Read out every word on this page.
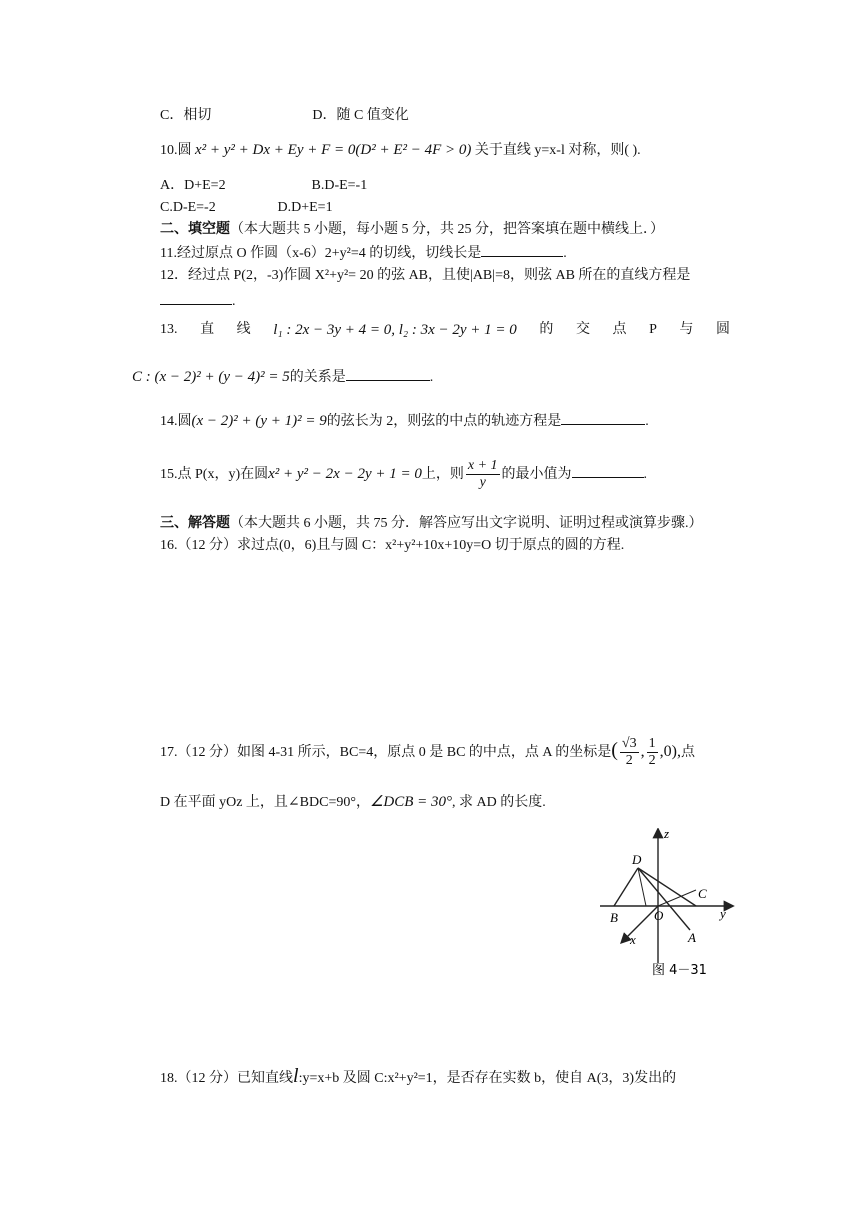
C．相切	D．随 C 值变化
10.圆 x² + y² + Dx + Ey + F = 0(D² + E² − 4F > 0) 关于直线 y=x-l 对称，则( ).
A．D+E=2	B.D-E=-1
C.D-E=-2	D.D+E=1
二、填空题（本大题共 5 小题，每小题 5 分，共 25 分，把答案填在题中横线上．）
11.经过原点 O 作圆（x-6）2+y²=4 的切线，切线长是	.
12．经过点 P(2，-3)作圆 X²+y²= 20 的弦 AB，且使|AB|=8，则弦 AB 所在的直线方程是
.
13. 直 线 l₁ : 2x − 3y + 4 = 0, l₂ : 3x − 2y + 1 = 0 的 交 点 P 与 圆
C : (x − 2)² + (y − 4)² = 5的关系是	.
14.圆(x − 2)² + (y + 1)² = 9的弦长为 2，则弦的中点的轨迹方程是	.
15.点 P(x，y)在圆x² + y² − 2x − 2y + 1 = 0上，则 $\frac{x + 1}{y}$ 的最小值为	.
三、解答题（本大题共 6 小题，共 75 分．解答应写出文字说明、证明过程或演算步骤.）
16.（12 分）求过点(0，6)且与圆 C：x²+y²+10x+10y=O 切于原点的圆的方程.
17.（12 分）如图 4-31 所示，BC=4，原点 0 是 BC 的中点，点 A 的坐标是( $\frac{√3}{2}$ , $\frac{1}{2} ,0$),点
D 在平面 yOz 上，且∠BDC=90°，∠DCB = 30°, 求 AD 的长度.
z
D
C
B	O	y
x	A
图 4－31
18.（12 分）已知直线l:y=x+b 及圆 C:x²+y²=1，是否存在实数 b，使自 A(3，3)发出的
